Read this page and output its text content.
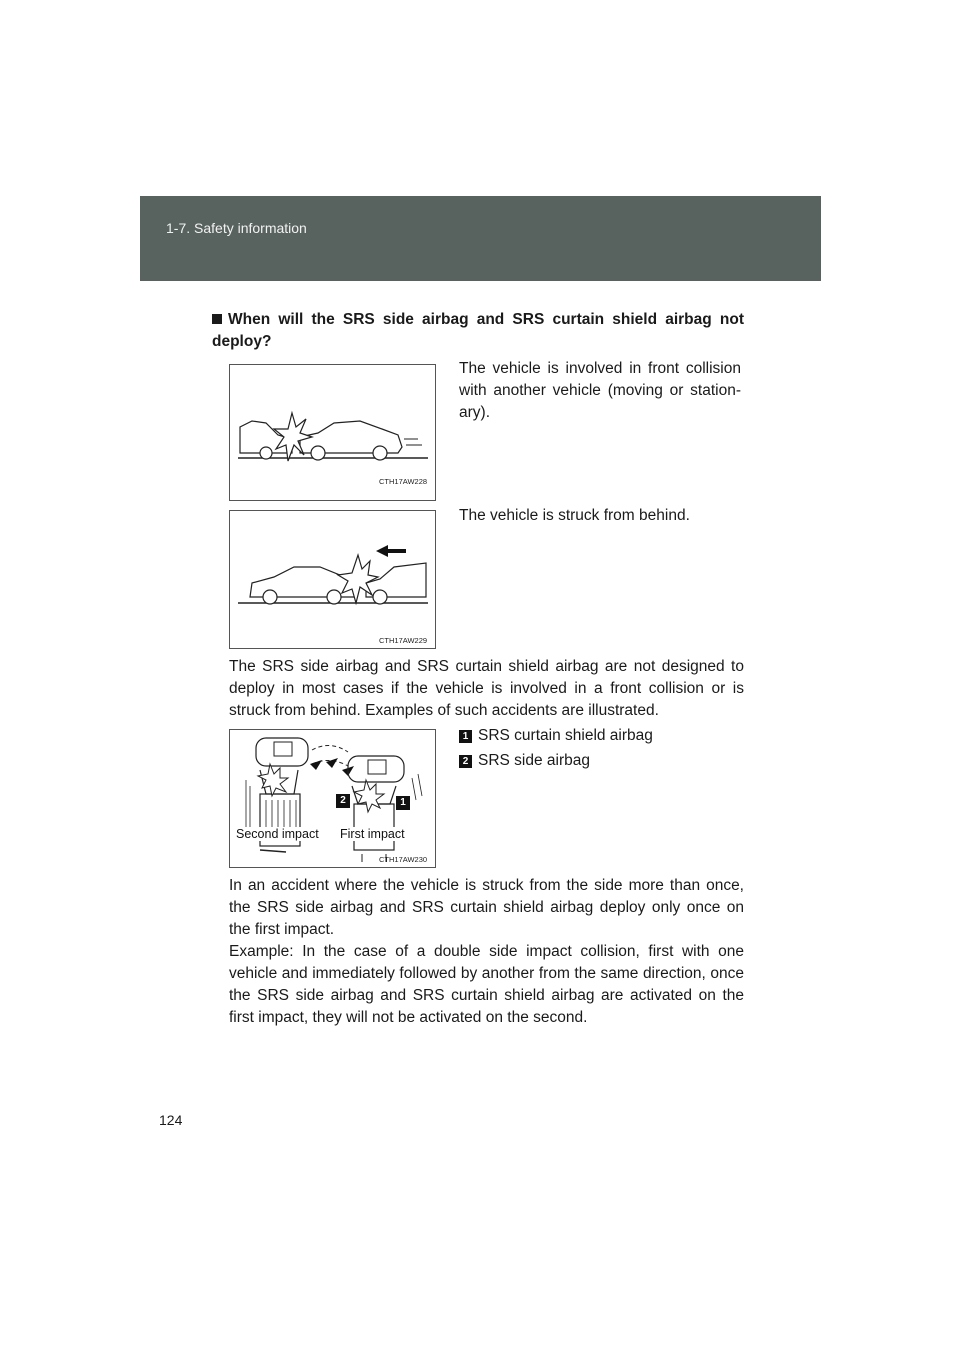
1-7. Safety information
When will the SRS side airbag and SRS curtain shield airbag not deploy?
CTH17AW228
The vehicle is involved in front collision with another vehicle (moving or station-ary).
CTH17AW229
The vehicle is struck from behind.
The SRS side airbag and SRS curtain shield airbag are not designed to deploy in most cases if the vehicle is involved in a front collision or is struck from behind. Examples of such accidents are illustrated.
2	1
Second impact First impact
CTH17AW230
1 SRS curtain shield airbag
2 SRS side airbag
In an accident where the vehicle is struck from the side more than once, the SRS side airbag and SRS curtain shield airbag deploy only once on the first impact.
Example: In the case of a double side impact collision, first with one vehicle and immediately followed by another from the same direction, once the SRS side airbag and SRS curtain shield airbag are activated on the first impact, they will not be activated on the second.
124
